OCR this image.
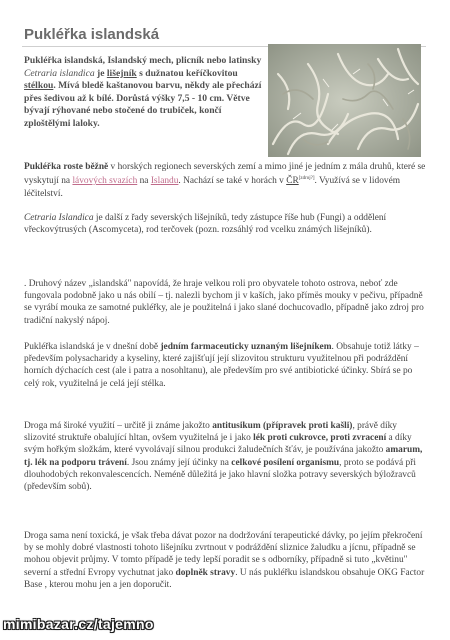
Pukléřka islandská

Pukléřka islandská, Islandský mech, plicník nebo latinsky Cetraria islandica je lišejník s dužnatou keříčkovitou stélkou. Mívá bledě kaštanovou barvu, někdy ale přechází přes šedivou až k bílé. Dorůstá výšky 7,5 - 10 cm. Větve bývají rýhované nebo stočené do trubiček, končí zploštělými laloky.

Pukléřka roste běžně v horských regionech severských zemí a mimo jiné je jedním z mála druhů, které se vyskytují na lávových svazích na Islandu. Nachází se také v horách v ČR[zdroj?]. Využívá se v lidovém léčitelství.

Cetraria Islandica je další z řady severských lišejníků, tedy zástupce říše hub (Fungi) a oddělení vřeckovýtrusých (Ascomyceta), rod terčovek (pozn. rozsáhlý rod vcelku známých lišejníků).

. Druhový název „islandská" napovídá, že hraje velkou roli pro obyvatele tohoto ostrova, neboť zde fungovala podobně jako u nás obilí – tj. nalezli bychom ji v kaších, jako přímës mouky v pečivu, případně se vyrábí mouka ze samotné pukléřky, ale je použitelná i jako slané dochucovadlo, případně jako zdroj pro tradiční nakyslý nápoj.

Pukléřka islandská je v dnešní době jedním farmaceuticky uznaným lišejníkem. Obsahuje totiž látky – především polysacharidy a kyseliny, které zajišťují její slizovitou strukturu využitelnou při podráždění horních dýchacích cest (ale i patra a nosohltanu), ale především pro své antibiotické účinky. Sbírá se po celý rok, využitelná je celá její stélka.

Droga má široké využití – určitě ji známe jakožto antitusikum (přípravek proti kašli), právě díky slizovité struktuře obalující hltan, ovšem využitelná je i jako lék proti cukrovce, proti zvracení a díky svým hořkým složkám, které vyvolávají silnou produkci žaludečních šťáv, je používána jakožto amarum, tj. lék na podporu trávení. Jsou známy její účinky na celkové posílení organismu, proto se podává při dlouhodobých rekonvalescencích. Neméně důležitá je jako hlavní složka potravy severských býložravců (především sobů).

Droga sama není toxická, je však třeba dávat pozor na dodržování terapeutické dávky, po jejím překročení by se mohly dobré vlastnosti tohoto lišejníku zvrtnout v podráždění sliznice žaludku a jícnu, případně se mohou objevit průjmy. V tomto případě je tedy lepší poradit se s odborníky, případně si tuto „květinu" severní a střední Evropy vychutnat jako doplněk stravy. U nás pukléřku islandskou obsahuje OKG Factor Base , kterou mohu jen a jen doporučit.

mimibazar.cz/tajemno
